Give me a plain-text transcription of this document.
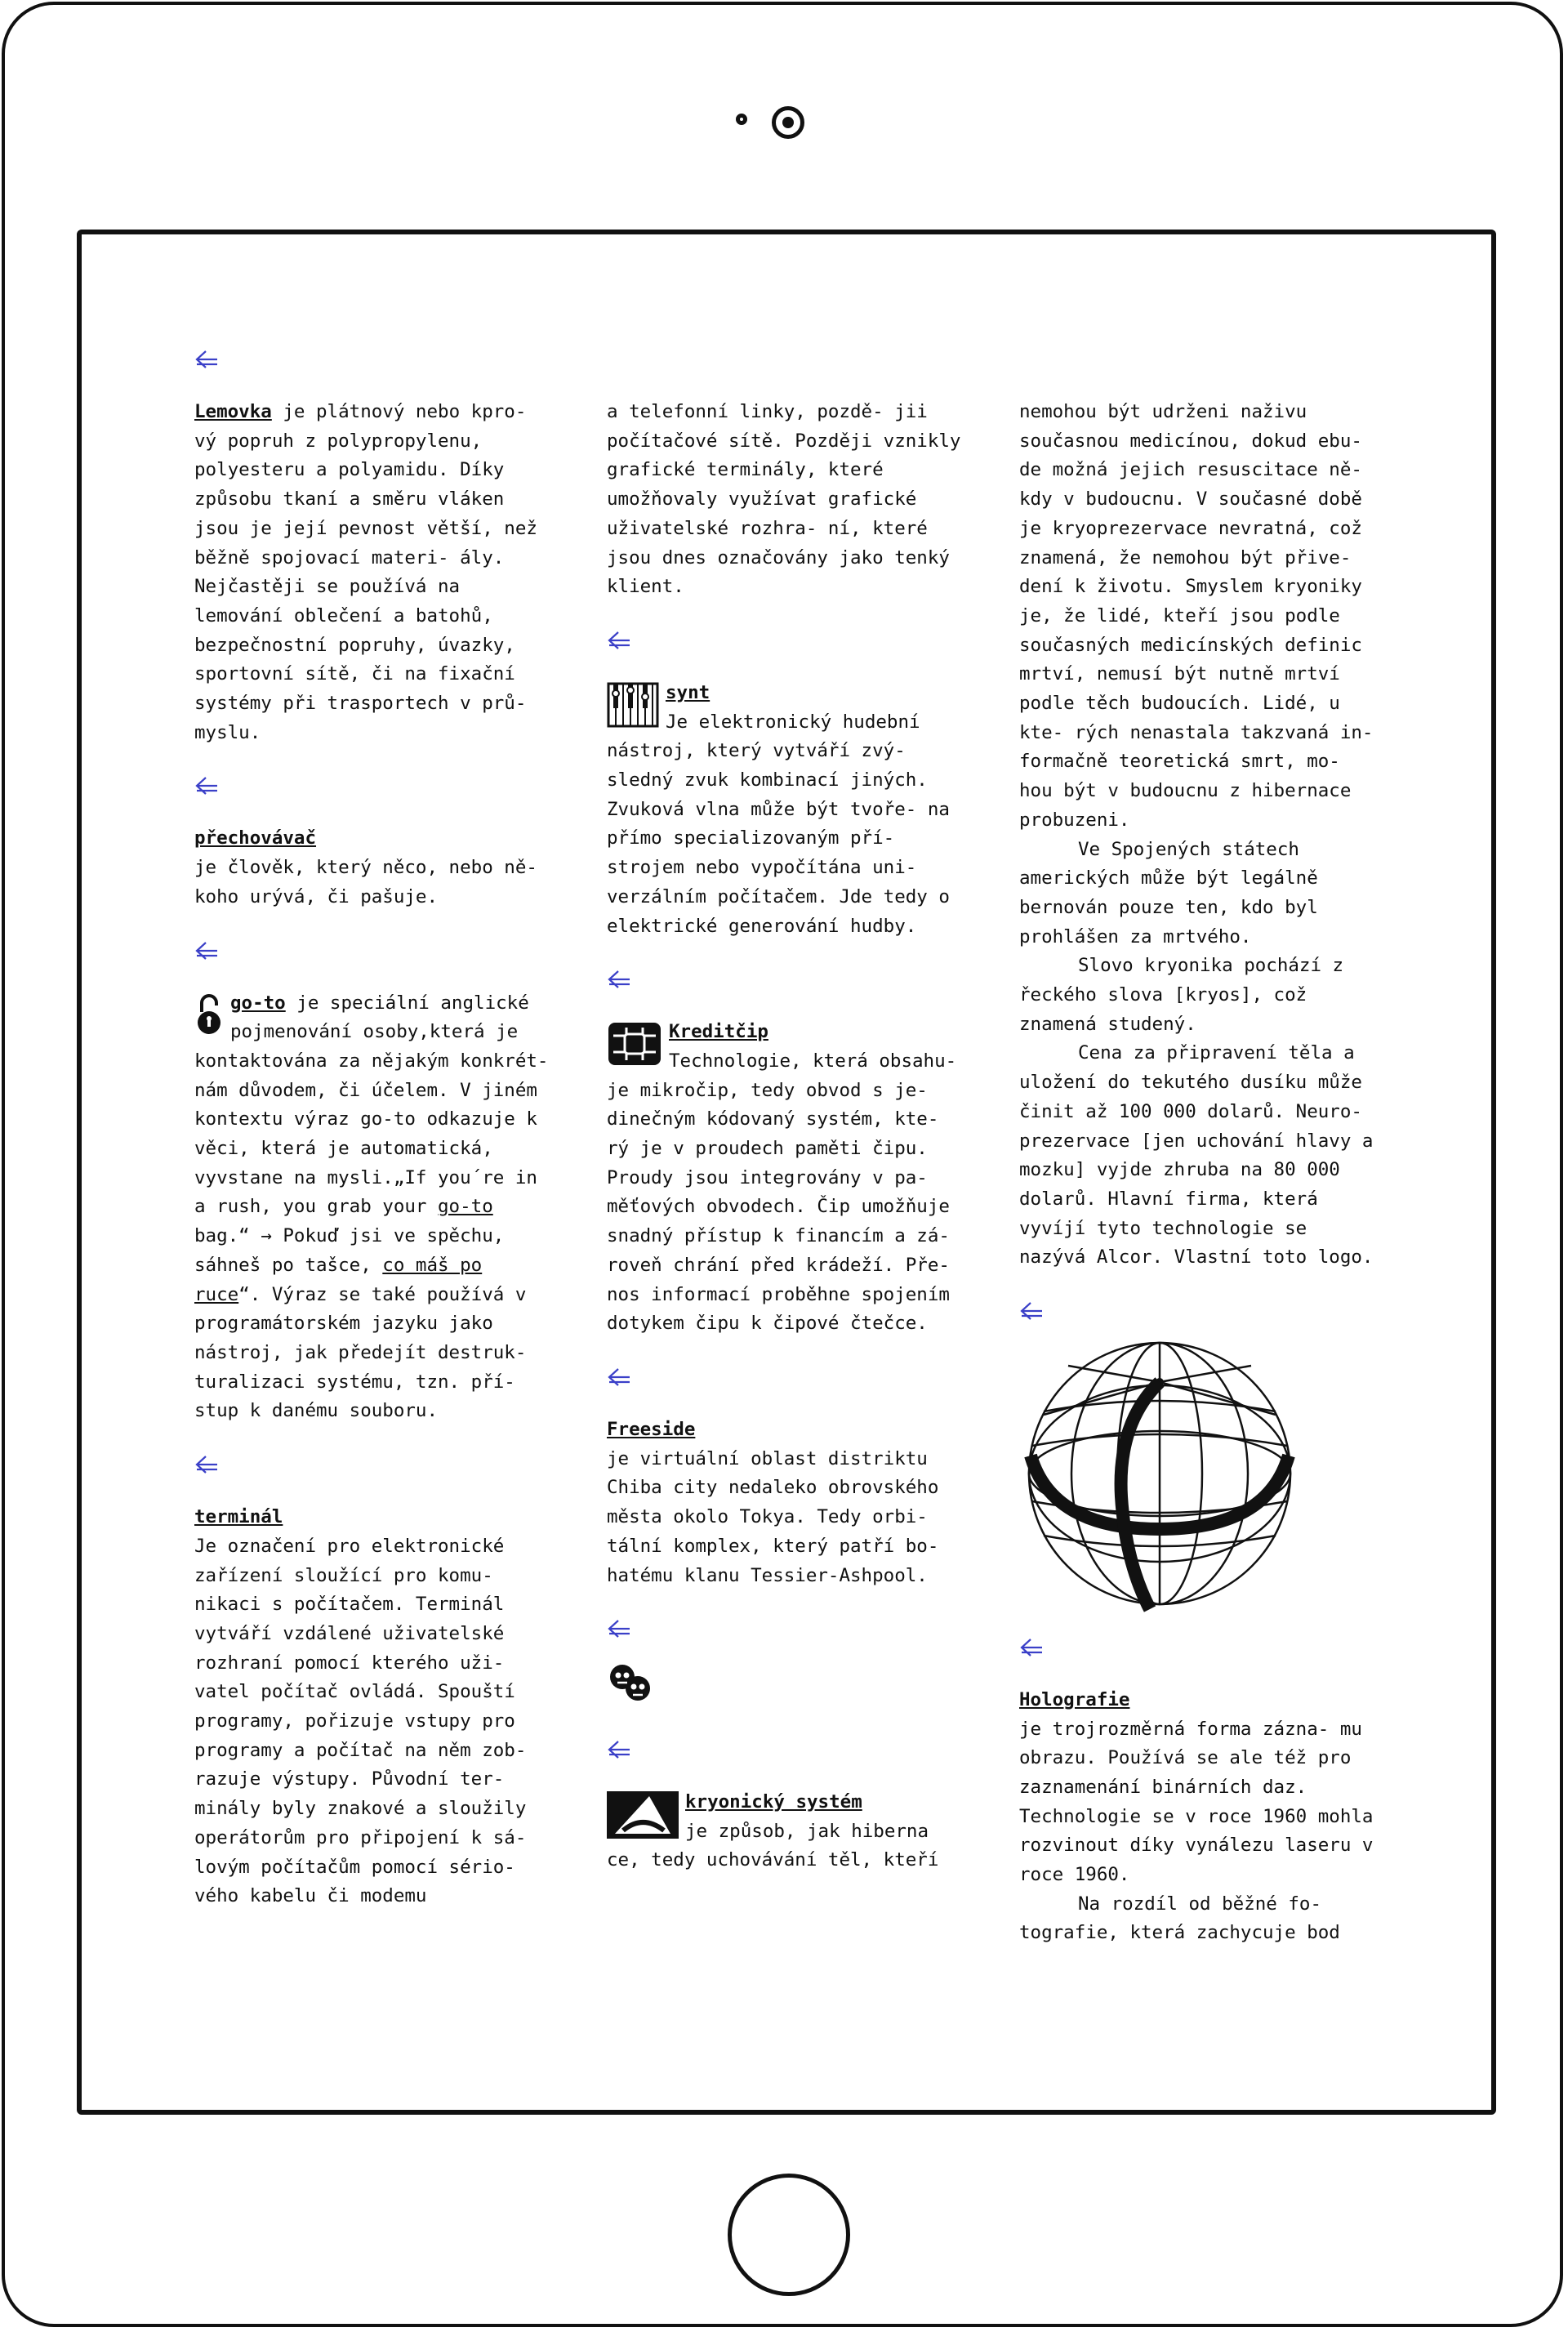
Lemovka je plátnový nebo kpro- vý popruh z polypropylenu, polyesteru a polyamidu. Díky způsobu tkaní a směru vláken jsou je její pevnost větší, než běžně spojovací materi- ály. Nejčastěji se používá na lemování oblečení a batohů, bezpečnostní popruhy, úvazky, sportovní sítě, či na fixační systémy při trasportech v prů- myslu.

přechovávač
je člověk, který něco, nebo ně- koho urývá, či pašuje.

go-to je speciální anglické pojmenování osoby,která je kontaktována za nějakým konkrét- nám důvodem, či účelem. V jiném kontextu výraz go-to odkazuje k věci, která je automatická, vyvstane na mysli.„If you´re in a rush, you grab your go-to bag.“ → Pokuď jsi ve spěchu, sáhneš po tašce, co máš po ruce“. Výraz se také používá v programátorském jazyku jako nástroj, jak předejít destruk- turalizaci systému, tzn. pří- stup k danému souboru.

terminál
Je označení pro elektronické zařízení sloužící pro komu- nikaci s počítačem. Terminál vytváří vzdálené uživatelské rozhraní pomocí kterého uži- vatel počítač ovládá. Spouští programy, pořizuje vstupy pro programy a počítač na něm zob- razuje výstupy. Původní ter- minály byly znakové a sloužily operátorům pro připojení k sá- lovým počítačům pomocí sério- vého kabelu či modemu

a telefonní linky, pozdě- jii počítačové sítě. Později vznikly grafické terminály, které umožňovaly využívat grafické uživatelské rozhra- ní, které jsou dnes označovány jako tenký klient.

synt
Je elektronický hudební nástroj, který vytváří zvý- sledný zvuk kombinací jiných. Zvuková vlna může být tvoře- na přímo specializovaným pří- strojem nebo vypočítána uni- verzálním počítačem. Jde tedy o elektrické generování hudby.

Kreditčip
Technologie, která obsahu- je mikročip, tedy obvod s je- dinečným kódovaný systém, kte- rý je v proudech paměti čipu. Proudy jsou integrovány v pa- měťových obvodech. Čip umožňuje snadný přístup k financím a zá- roveň chrání před krádeží. Pře- nos informací proběhne spojením dotykem čipu k čipové čtečce.

Freeside
je virtuální oblast distriktu Chiba city nedaleko obrovského města okolo Tokya. Tedy orbi- tální komplex, který patří bo- hatému klanu Tessier-Ashpool.

kryonický systém
je způsob, jak hiberna ce, tedy uchovávání těl, kteří

nemohou být udrženi naživu současnou medicínou, dokud ebu- de možná jejich resuscitace ně- kdy v budoucnu. V současné době je kryoprezervace nevratná, což znamená, že nemohou být přive- dení k životu. Smyslem kryoniky je, že lidé, kteří jsou podle současných medicínských definic mrtví, nemusí být nutně mrtví podle těch budoucích. Lidé, u kte- rých nenastala takzvaná in- formačně teoretická smrt, mo- hou být v budoucnu z hibernace probuzeni.

Ve Spojených státech amerických může být legálně bernován pouze ten, kdo byl prohlášen za mrtvého.

Slovo kryonika pochází z řeckého slova [kryos], což znamená studený.

Cena za připravení těla a uložení do tekutého dusíku může činit až 100 000 dolarů. Neuro- prezervace [jen uchování hlavy a mozku] vyjde zhruba na 80 000 dolarů. Hlavní firma, která vyvíjí tyto technologie se nazývá Alcor. Vlastní toto logo.

Holografie
je trojrozměrná forma zázna- mu obrazu. Používá se ale též pro zaznamenání binárních daz. Technologie se v roce 1960 mohla rozvinout díky vynálezu laseru v roce 1960.

Na rozdíl od běžné fo- tografie, která zachycuje bod
